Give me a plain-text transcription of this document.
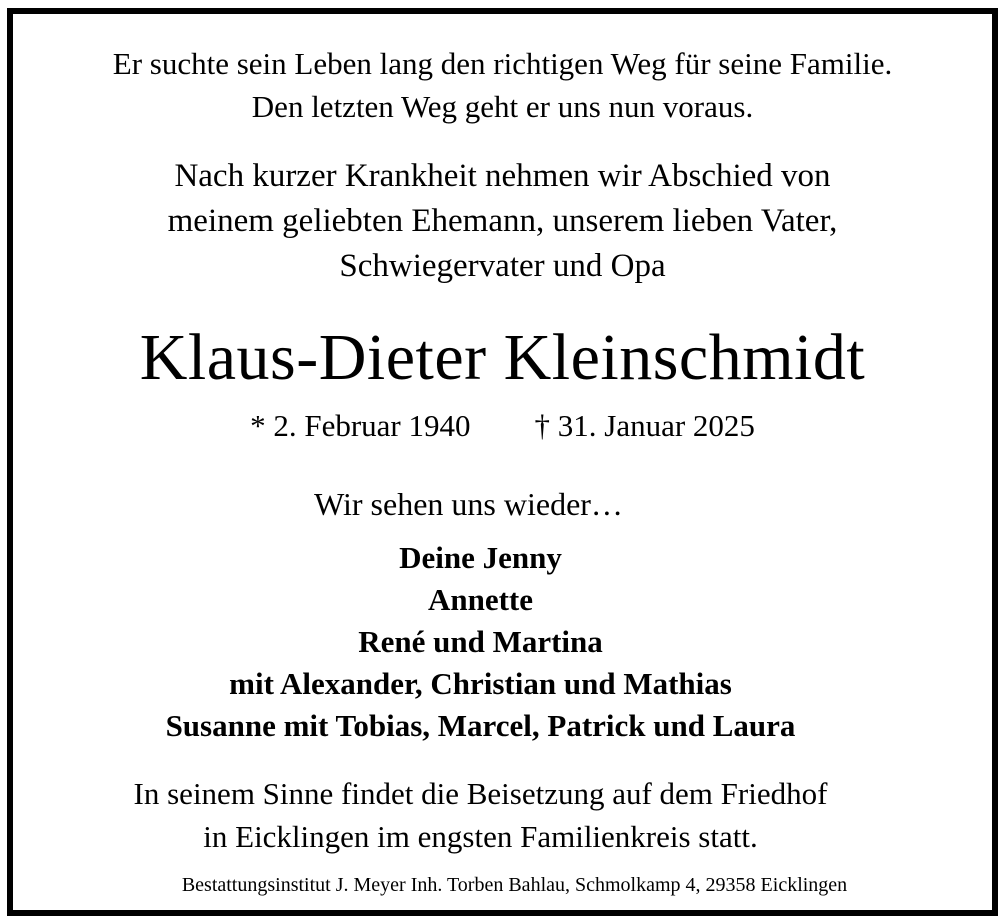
Er suchte sein Leben lang den richtigen Weg für seine Familie.
Den letzten Weg geht er uns nun voraus.
Nach kurzer Krankheit nehmen wir Abschied von
meinem geliebten Ehemann, unserem lieben Vater,
Schwiegervater und Opa
Klaus-Dieter Kleinschmidt
* 2. Februar 1940 † 31. Januar 2025
Wir sehen uns wieder…
Deine Jenny
Annette
René und Martina
mit Alexander, Christian und Mathias
Susanne mit Tobias, Marcel, Patrick und Laura
In seinem Sinne findet die Beisetzung auf dem Friedhof
in Eicklingen im engsten Familienkreis statt.
Bestattungsinstitut J. Meyer Inh. Torben Bahlau, Schmolkamp 4, 29358 Eicklingen
